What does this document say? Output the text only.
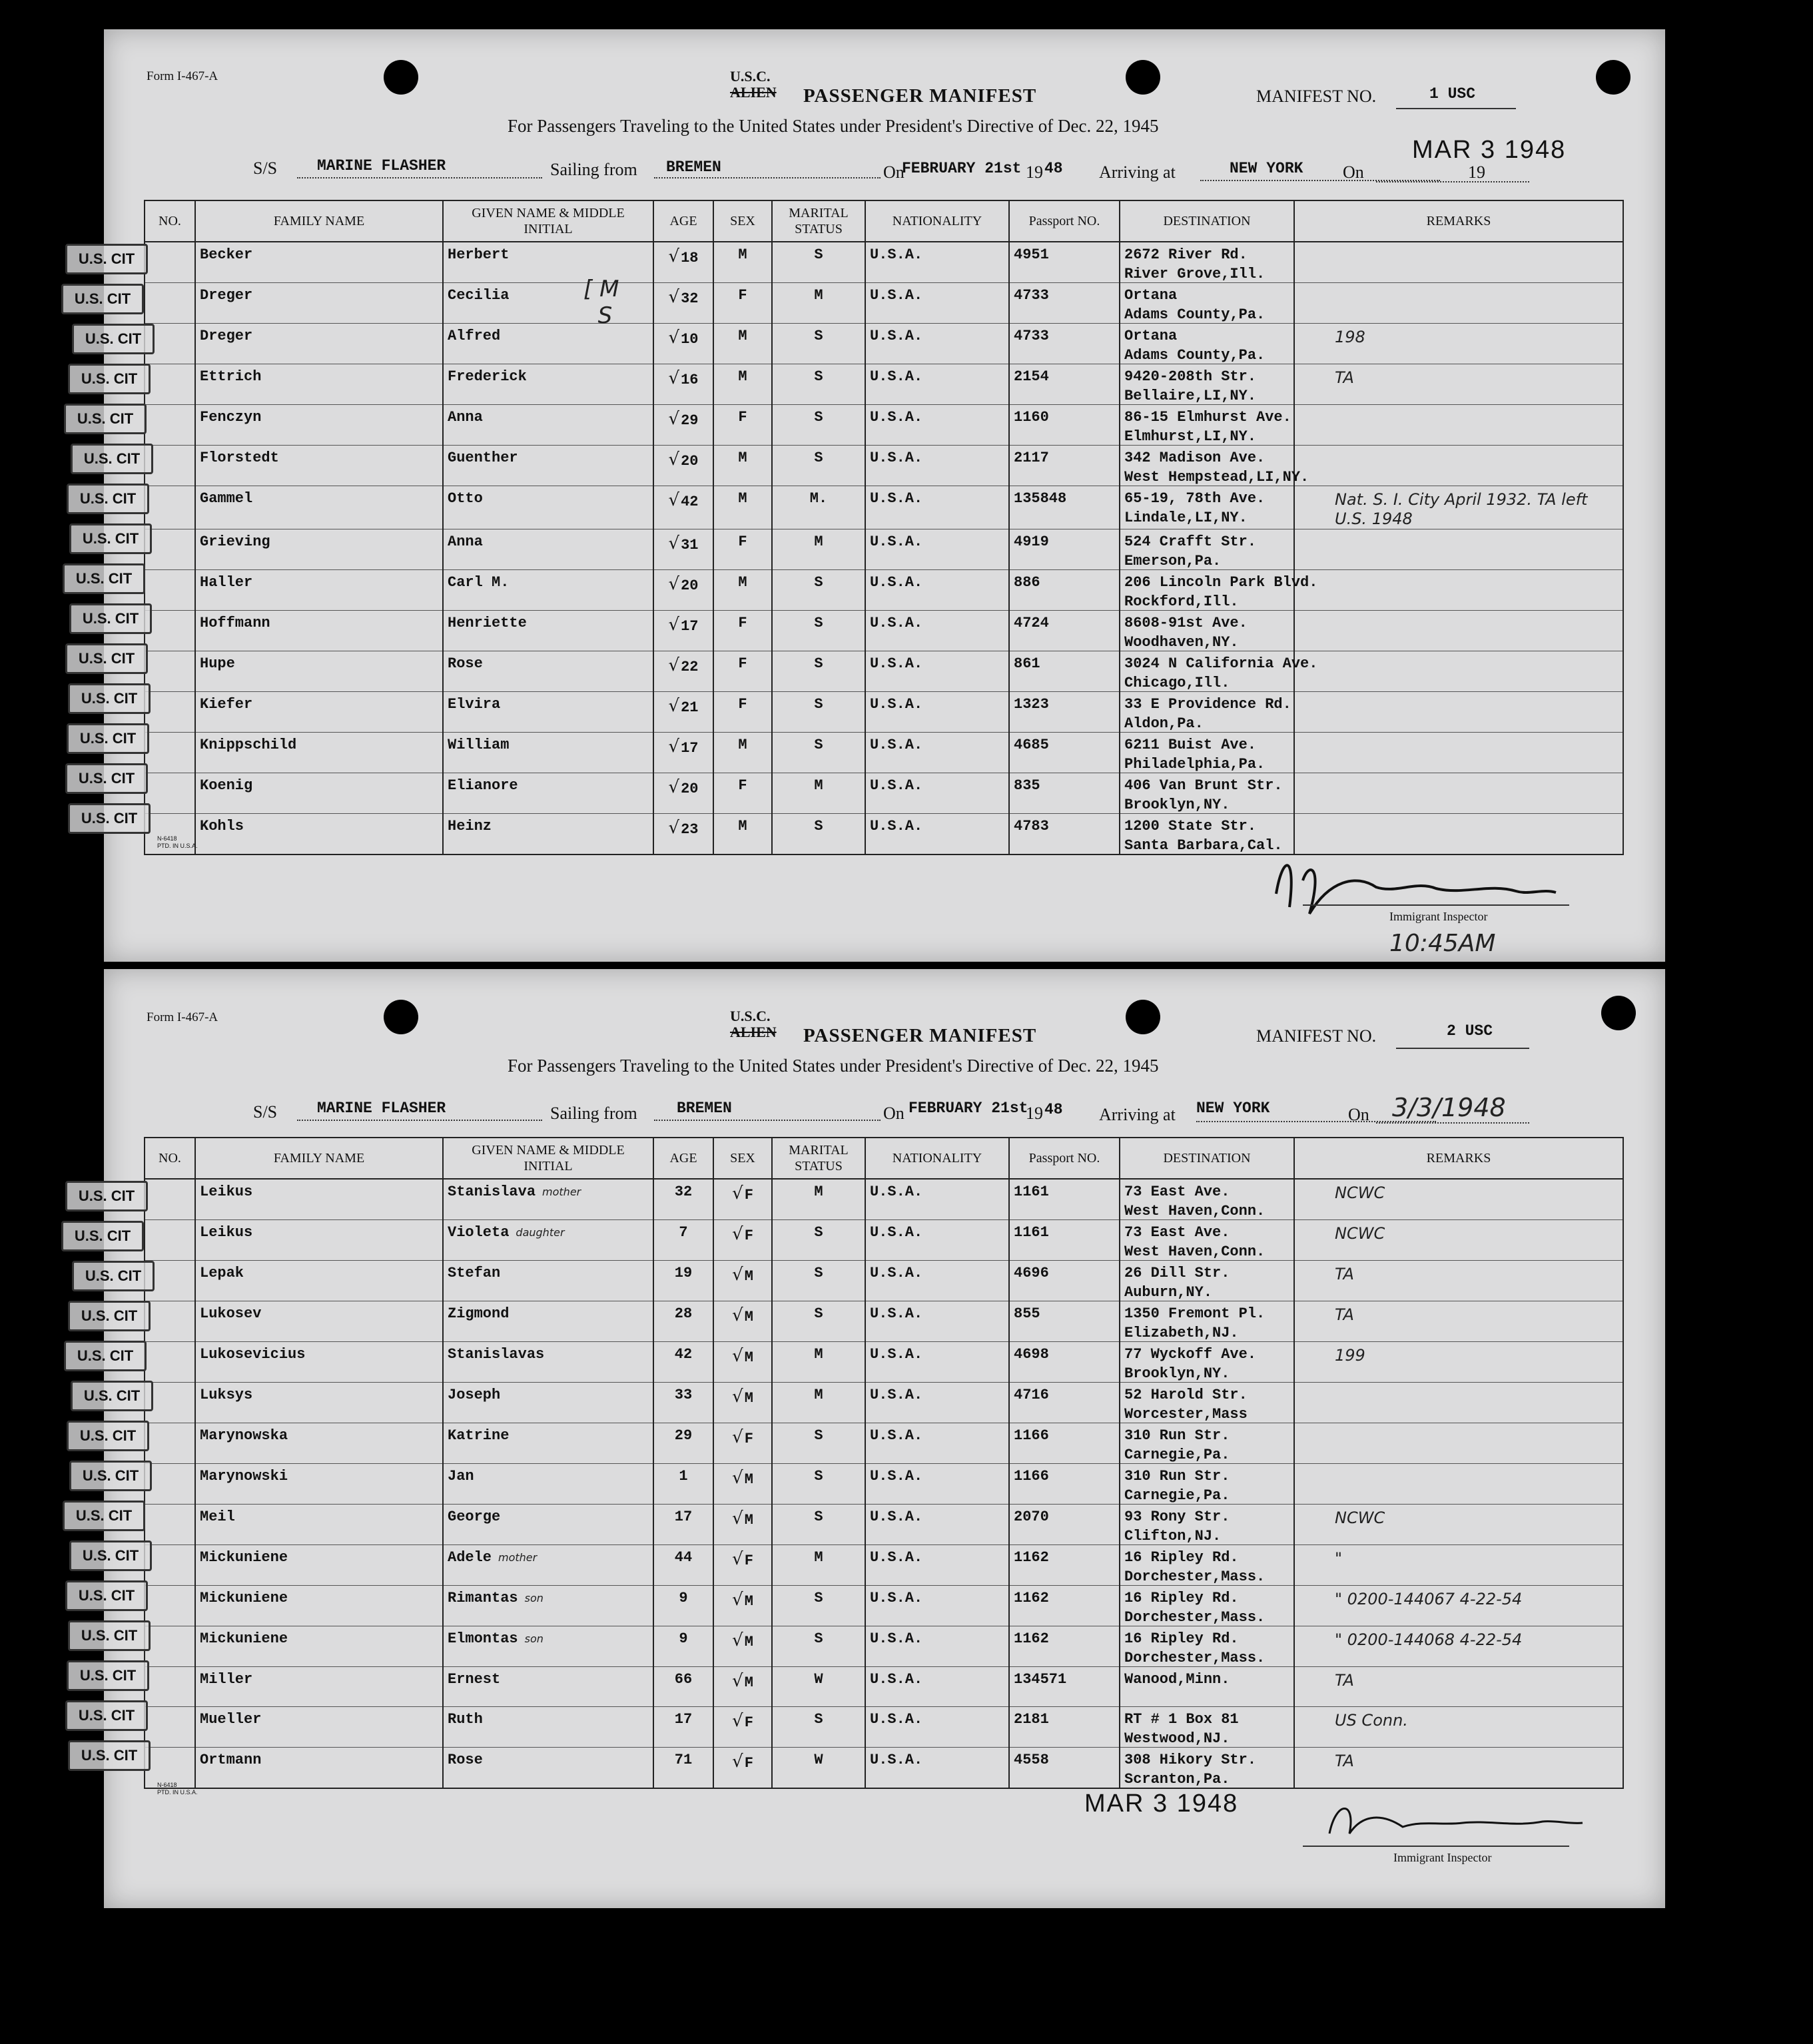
Form I-467-A	U.S.C.
ALIEN PASSENGER MANIFEST	MANIFEST NO.	1 USC
For Passengers Traveling to the United States under President's Directive of Dec. 22, 1945
MAR 3 1948
S/S	MARINE FLASHER	Sailing from BREMEN	On
FEBRUARY 21st 19 48 Arriving at	NEW YORK On	19
NO.	FAMILY NAME	GIVEN NAME & MIDDLE INITIAL	AGE	SEX	MARITAL STATUS	NATIONALITY	Passport NO.	DESTINATION	REMARKS
	Becker	Herbert	√18	M	S	U.S.A.	4951	2672 River Rd.
River Grove,Ill.	

	Dreger	Cecilia	√32	F	M	U.S.A.	4733	Ortana
Adams County,Pa.	

	Dreger	Alfred	√10	M	S	U.S.A.	4733	Ortana
Adams County,Pa.	198
	Ettrich	Frederick	√16	M	S	U.S.A.	2154	9420-208th Str.
Bellaire,LI,NY.	TA
	Fenczyn	Anna	√29	F	S	U.S.A.	1160	86-15 Elmhurst Ave.
Elmhurst,LI,NY.	

	Florstedt	Guenther	√20	M	S	U.S.A.	2117	342 Madison Ave.
West Hempstead,LI,NY.	

	Gammel	Otto	√42	M	M.	U.S.A.	135848	65-19, 78th Ave.
Lindale,LI,NY.	Nat. S. I. City April 1932. TA left U.S. 1948
	Grieving	Anna	√31	F	M	U.S.A.	4919	524 Crafft Str.
Emerson,Pa.	

	Haller	Carl M.	√20	M	S	U.S.A.	886	206 Lincoln Park Blvd.
Rockford,Ill.	

	Hoffmann	Henriette	√17	F	S	U.S.A.	4724	8608-91st Ave.
Woodhaven,NY.	

	Hupe	Rose	√22	F	S	U.S.A.	861	3024 N California Ave.
Chicago,Ill.	

	Kiefer	Elvira	√21	F	S	U.S.A.	1323	33 E Providence Rd.
Aldon,Pa.	

	Knippschild	William	√17	M	S	U.S.A.	4685	6211 Buist Ave.
Philadelphia,Pa.	

	Koenig	Elianore	√20	F	M	U.S.A.	835	406 Van Brunt Str.
Brooklyn,NY.	

	Kohls	Heinz	√23	M	S	U.S.A.	4783	1200 State Str.
Santa Barbara,Cal.	

U.S. CIT
U.S. CIT
U.S. CIT
U.S. CIT
U.S. CIT
U.S. CIT
U.S. CIT
U.S. CIT
U.S. CIT
U.S. CIT
U.S. CIT
U.S. CIT
U.S. CIT
U.S. CIT
U.S. CIT
[ M
S
N-6418
PTD. IN U.S.A.
Immigrant Inspector
10:45AM
Form I-467-A	U.S.C.
ALIEN PASSENGER MANIFEST	MANIFEST NO.	2 USC
For Passengers Traveling to the United States under President's Directive of Dec. 22, 1945
S/S	MARINE FLASHER	Sailing from	BREMEN	On FEBRUARY 21st
19 48 Arriving at NEW YORK	On 3/3/1948
NO.	FAMILY NAME	GIVEN NAME & MIDDLE INITIAL	AGE	SEX	MARITAL STATUS	NATIONALITY	Passport NO.	DESTINATION	REMARKS
	Leikus	Stanislava mother	32	√F	M	U.S.A.	1161	73 East Ave.
West Haven,Conn.	NCWC
	Leikus	Violeta daughter	7	√F	S	U.S.A.	1161	73 East Ave.
West Haven,Conn.	NCWC
	Lepak	Stefan	19	√M	S	U.S.A.	4696	26 Dill Str.
Auburn,NY.	TA
	Lukosev	Zigmond	28	√M	S	U.S.A.	855	1350 Fremont Pl.
Elizabeth,NJ.	TA
	Lukosevicius	Stanislavas	42	√M	M	U.S.A.	4698	77 Wyckoff Ave.
Brooklyn,NY.	199
	Luksys	Joseph	33	√M	M	U.S.A.	4716	52 Harold Str.
Worcester,Mass	

	Marynowska	Katrine	29	√F	S	U.S.A.	1166	310 Run Str.
Carnegie,Pa.	

	Marynowski	Jan	1	√M	S	U.S.A.	1166	310 Run Str.
Carnegie,Pa.	

	Meil	George	17	√M	S	U.S.A.	2070	93 Rony Str.
Clifton,NJ.	NCWC
	Mickuniene	Adele mother	44	√F	M	U.S.A.	1162	16 Ripley Rd.
Dorchester,Mass.	"
	Mickuniene	Rimantas son	9	√M	S	U.S.A.	1162	16 Ripley Rd.
Dorchester,Mass.	" 0200-144067 4-22-54
	Mickuniene	Elmontas son	9	√M	S	U.S.A.	1162	16 Ripley Rd.
Dorchester,Mass.	" 0200-144068 4-22-54
	Miller	Ernest	66	√M	W	U.S.A.	134571	Wanood,Minn.	TA
	Mueller	Ruth	17	√F	S	U.S.A.	2181	RT # 1 Box 81
Westwood,NJ.	US Conn.
	Ortmann	Rose	71	√F	W	U.S.A.	4558	308 Hikory Str.
Scranton,Pa.	TA
U.S. CIT
U.S. CIT
U.S. CIT
U.S. CIT
U.S. CIT
U.S. CIT
U.S. CIT
U.S. CIT
U.S. CIT
U.S. CIT
U.S. CIT
U.S. CIT
U.S. CIT
U.S. CIT
U.S. CIT
N-6418
PTD. IN U.S.A.	MAR 3 1948
Immigrant Inspector
